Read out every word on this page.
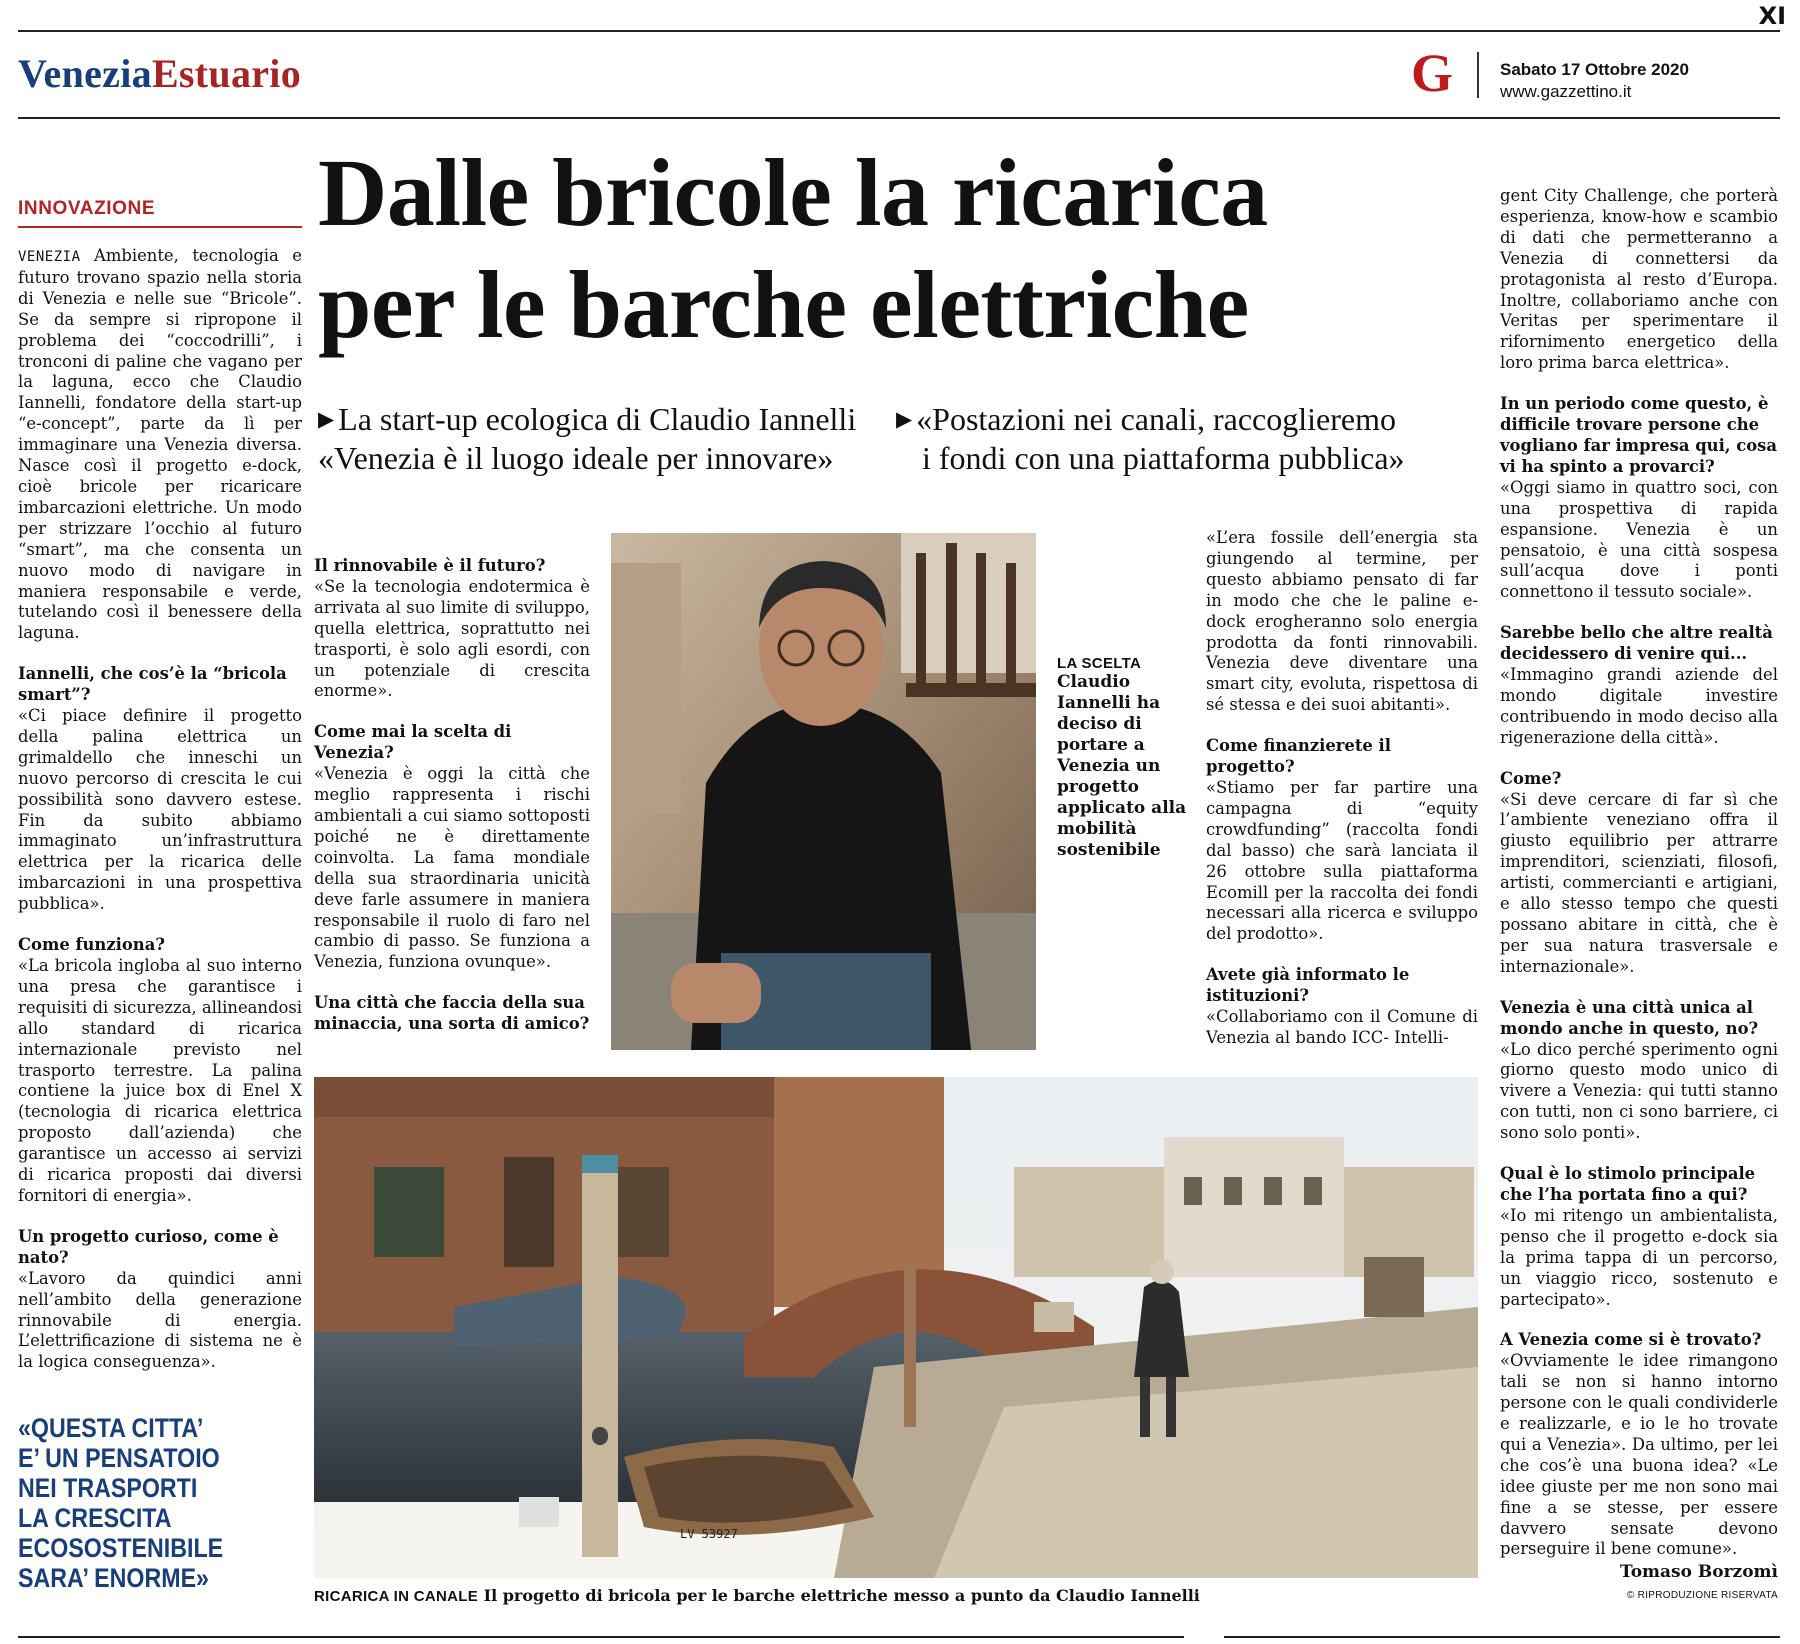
XI
VeneziaEstuario	G	Sabato 17 Ottobre 2020
www.gazzettino.it
Dalle bricole la ricarica
per le barche elettriche
▶ La start-up ecologica di Claudio Iannelli
«Venezia è il luogo ideale per innovare»
▶ «Postazioni nei canali, raccoglieremo
i fondi con una piattaforma pubblica»
INNOVAZIONE

VENEZIA Ambiente, tecnologia e futuro trovano spazio nella storia di Venezia e nelle sue “Bricole”. Se da sempre si ripropone il problema dei “coccodrilli”, i tronconi di paline che vagano per la laguna, ecco che Claudio Iannelli, fondatore della start-up “e-concept”, parte da lì per immaginare una Venezia diversa. Nasce così il progetto e-dock, cioè bricole per ricaricare imbarcazioni elettriche. Un modo per strizzare l’occhio al futuro “smart”, ma che consenta un nuovo modo di navigare in maniera responsabile e verde, tutelando così il benessere della laguna.

Iannelli, che cos’è la “bricola smart”?
«Ci piace definire il progetto della palina elettrica un grimaldello che inneschi un nuovo percorso di crescita le cui possibilità sono davvero estese. Fin da subito abbiamo immaginato un’infrastruttura elettrica per la ricarica delle imbarcazioni in una prospettiva pubblica».

Come funziona?
«La bricola ingloba al suo interno una presa che garantisce i requisiti di sicurezza, allineandosi allo standard di ricarica internazionale previsto nel trasporto terrestre. La palina contiene la juice box di Enel X (tecnologia di ricarica elettrica proposto dall’azienda) che garantisce un accesso ai servizi di ricarica proposti dai diversi fornitori di energia».

Un progetto curioso, come è nato?
«Lavoro da quindici anni nell’ambito della generazione rinnovabile di energia. L’elettrificazione di sistema ne è la logica conseguenza».

«QUESTA CITTA’
E’ UN PENSATOIO
NEI TRASPORTI
LA CRESCITA
ECOSOSTENIBILE
SARA’ ENORME»

Il rinnovabile è il futuro?
«Se la tecnologia endotermica è arrivata al suo limite di sviluppo, quella elettrica, soprattutto nei trasporti, è solo agli esordi, con un potenziale di crescita enorme».

Come mai la scelta di Venezia?
«Venezia è oggi la città che meglio rappresenta i rischi ambientali a cui siamo sottoposti poiché ne è direttamente coinvolta. La fama mondiale della sua straordinaria unicità deve farle assumere in maniera responsabile il ruolo di faro nel cambio di passo. Se funziona a Venezia, funziona ovunque».

Una città che faccia della sua minaccia, una sorta di amico?

LA SCELTA
Claudio Iannelli ha deciso di portare a Venezia un progetto applicato alla mobilità sostenibile

«L’era fossile dell’energia sta giungendo al termine, per questo abbiamo pensato di far in modo che che le paline e-dock erogheranno solo energia prodotta da fonti rinnovabili. Venezia deve diventare una smart city, evoluta, rispettosa di sé stessa e dei suoi abitanti».

Come finanzierete il progetto?
«Stiamo per far partire una campagna di “equity crowdfunding” (raccolta fondi dal basso) che sarà lanciata il 26 ottobre sulla piattaforma Ecomill per la raccolta dei fondi necessari alla ricerca e sviluppo del prodotto».

Avete già informato le istituzioni?
«Collaboriamo con il Comune di Venezia al bando ICC- Intelli-

gent City Challenge, che porterà esperienza, know-how e scambio di dati che permetteranno a Venezia di connettersi da protagonista al resto d’Europa. Inoltre, collaboriamo anche con Veritas per sperimentare il rifornimento energetico della loro prima barca elettrica».

In un periodo come questo, è difficile trovare persone che vogliano far impresa qui, cosa vi ha spinto a provarci?
«Oggi siamo in quattro soci, con una prospettiva di rapida espansione. Venezia è un pensatoio, è una città sospesa sull’acqua dove i ponti connettono il tessuto sociale».

Sarebbe bello che altre realtà decidessero di venire qui...
«Immagino grandi aziende del mondo digitale investire contribuendo in modo deciso alla rigenerazione della città».

Come?
«Si deve cercare di far sì che l’ambiente veneziano offra il giusto equilibrio per attrarre imprenditori, scienziati, filosofi, artisti, commercianti e artigiani, e allo stesso tempo che questi possano abitare in città, che è per sua natura trasversale e internazionale».

Venezia è una città unica al mondo anche in questo, no?
«Lo dico perché sperimento ogni giorno questo modo unico di vivere a Venezia: qui tutti stanno con tutti, non ci sono barriere, ci sono solo ponti».

Qual è lo stimolo principale che l’ha portata fino a qui?
«Io mi ritengo un ambientalista, penso che il progetto e-dock sia la prima tappa di un percorso, un viaggio ricco, sostenuto e partecipato».

A Venezia come si è trovato?
«Ovviamente le idee rimangono tali se non si hanno intorno persone con le quali condividerle e realizzarle, e io le ho trovate qui a Venezia». Da ultimo, per lei che cos’è una buona idea? «Le idee giuste per me non sono mai fine a se stesse, per essere davvero sensate devono perseguire il bene comune».

LV 53927
RICARICA IN CANALE Il progetto di bricola per le barche elettriche messo a punto da Claudio Iannelli
Tomaso Borzomì
© RIPRODUZIONE RISERVATA
